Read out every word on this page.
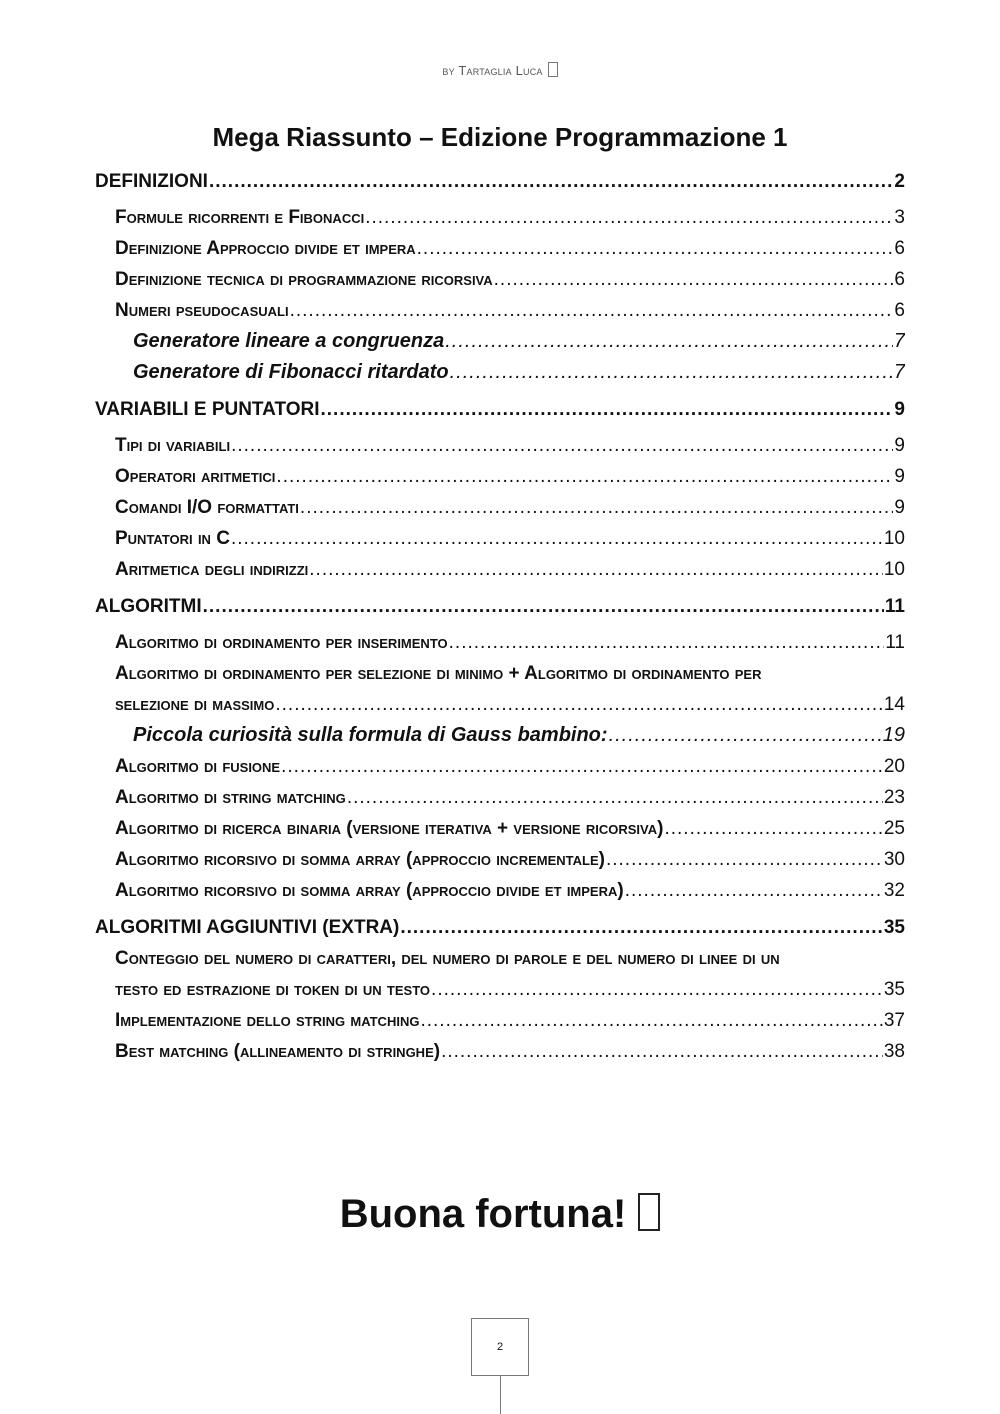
by Tartaglia Luca
Mega Riassunto – Edizione Programmazione 1
DEFINIZIONI .....	2
Formule ricorrenti e Fibonacci .....	3
Definizione Approccio divide et impera .....	6
Definizione tecnica di programmazione ricorsiva .....	6
Numeri pseudocasuali .....	6
Generatore lineare a congruenza .....	7
Generatore di Fibonacci ritardato .....	7
VARIABILI E PUNTATORI .....	9
Tipi di variabili .....	9
Operatori aritmetici .....	9
Comandi I/O formattati .....	9
Puntatori in C .....	10
Aritmetica degli indirizzi .....	10
ALGORITMI .....	11
Algoritmo di ordinamento per inserimento .....	11
Algoritmo di ordinamento per selezione di minimo + Algoritmo di ordinamento per
selezione di massimo .....	14
Piccola curiosità sulla formula di Gauss bambino: .....	19
Algoritmo di fusione .....	20
Algoritmo di string matching .....	23
Algoritmo di ricerca binaria (versione iterativa + versione ricorsiva) .....	25
Algoritmo ricorsivo di somma array (approccio incrementale) .....	30
Algoritmo ricorsivo di somma array (approccio divide et impera) .....	32
ALGORITMI AGGIUNTIVI (EXTRA) .....	35
Conteggio del numero di caratteri, del numero di parole e del numero di linee di un
testo ed estrazione di token di un testo .....	35
Implementazione dello string matching .....	37
Best matching (allineamento di stringhe) .....	38
Buona fortuna!
2
